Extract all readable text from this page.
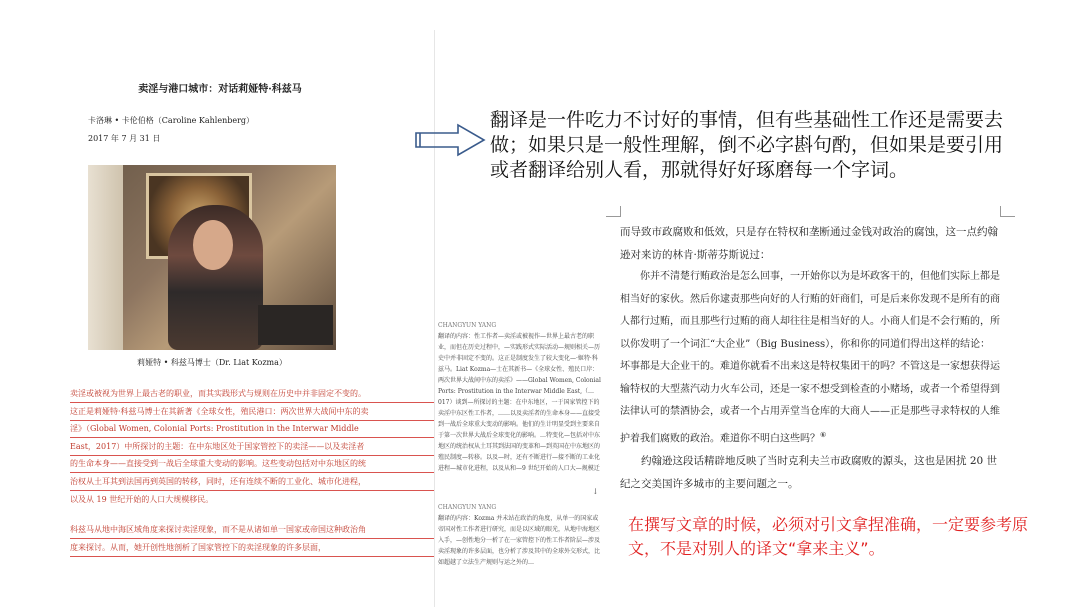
卖淫与港口城市：对话莉娅特·科兹马
卡洛琳 • 卡伦伯格（Caroline Kahlenberg）
2017 年 7 月 31 日
莉娅特 • 科兹马博士（Dr. Liat Kozma）
卖淫或被视为世界上最古老的职业，而其实践形式与规则在历史中并非固定不变的。这正是莉娅特·科兹马博士在其新著《全球女性，殖民港口：两次世界大战间中东的卖淫》（Global Women, Colonial Ports: Prostitution in the Interwar Middle East，2017）中所探讨的主题：在中东地区处于国家管控下的卖淫——以及卖淫者的生命本身——直接受到一战后全球重大变动的影响。这些变动包括对中东地区的统治权从土耳其到法国再到英国的转移，同时，还有连续不断的工业化、城市化进程，以及从 19 世纪开始的人口大规模移民。
科兹马从地中海区域角度来探讨卖淫现象，而不是从诸如单一国家或帝国这种政治角度来探讨。从而，她开创性地剖析了国家管控下的卖淫现象的许多层面，
CHANGYUN YANG
翻译的内容：性工作者—卖淫或被视作—世界上最古老的职业，而但在历史过程中，—实践形式实际活动—规则相关—历史中并非固定不变的。这正是制度发生了较大变化—·姬特·科兹马。Liat Kozma—士在其新书—《全球女性、殖民口岸：两次世界大战间中东的卖淫》——Global Women, Colonial Ports: Prostitution in the Interwar Middle East,（…017）谈到—所探讨的主题：在中东地区，一于国家管控下的卖淫中东区性工作者，……以及卖淫者的生命本身——直接受到一战后全球重大变动的影响。他们的生计明显受到主要来自于第一次世界大战后全球变化的影响。…特变化—包括对中东地区的统治权从土耳其到法国的变革和—到英国在中东地区的殖民制度—转移。以及—时，还有不断进行—接不断的工业化进程—城市化进程，以及从和—9 世纪开始的人口大—规模迁
↓
CHANGYUN YANG
翻译的内容：Kozma 并未站在政治的角度，从单一的国家或帝国对性工作者进行研究，而是以区域的眼光，从地中海地区入手，—创性地分一析了在一家管控下的性工作者阶层—涉及卖淫现象的许多层面，也分析了涉及其中的全球外交形式，比如超越了立法生产规则与运之外的…
翻译是一件吃力不讨好的事情，但有些基础性工作还是需要去做；如果只是一般性理解，倒不必字斟句酌，但如果是要引用或者翻译给别人看，那就得好好琢磨每一个字词。

而导致市政腐败和低效，只是存在特权和垄断通过金钱对政治的腐蚀，这一点约翰逊对来访的林肯·斯蒂芬斯说过：

你并不清楚行贿政治是怎么回事，一开始你以为是坏政客干的，但他们实际上都是相当好的家伙。然后你逮责那些向好的人行贿的奸商们，可是后来你发现不是所有的商人都行过贿，而且那些行过贿的商人却往往是相当好的人。小商人们是不会行贿的，所以你发明了一个词汇“大企业”（Big Business），你和你的同道们得出这样的结论：坏事都是大企业干的。难道你就看不出来这是特权集团干的吗？不管这是一家想获得运输特权的大型蒸汽动力火车公司，还是一家不想受到检查的小赌场，或者一个希望得到法律认可的禁酒协会，或者一个占用弄堂当仓库的大商人——正是那些寻求特权的人维护着我们腐败的政治。难道你不明白这些吗？⑥

约翰逊这段话精辟地反映了当时克利夫兰市政腐败的源头，这也是困扰 20 世纪之交美国许多城市的主要问题之一。

在撰写文章的时候，必须对引文拿捏准确，一定要参考原文，不是对别人的译文“拿来主义”。
